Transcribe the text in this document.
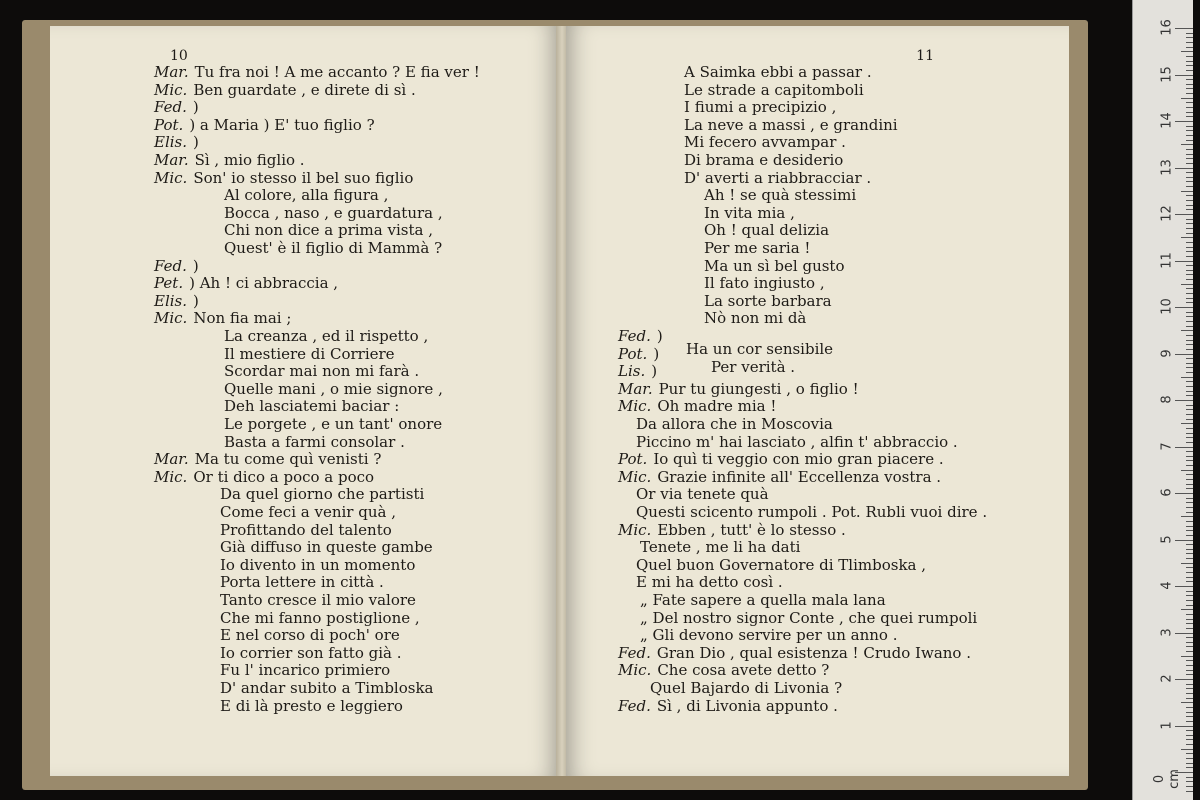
10
Mar. Tu fra noi ! A me accanto ? E fia ver !
Mic. Ben guardate , e direte di sì .
Fed. )
Pot. ) a Maria ) E' tuo figlio ?
Elis. )
Mar. Sì , mio figlio .
Mic. Son' io stesso il bel suo figlio
Al colore, alla figura ,
Bocca , naso , e guardatura ,
Chi non dice a prima vista ,
Quest' è il figlio di Mammà ?
Fed. )
Pet. ) Ah ! ci abbraccia ,
Elis. )
Mic. Non fia mai ;
La creanza , ed il rispetto ,
Il mestiere di Corriere
Scordar mai non mi farà .
Quelle mani , o mie signore ,
Deh lasciatemi baciar :
Le porgete , e un tant' onore
Basta a farmi consolar .
Mar. Ma tu come quì venisti ?
Mic. Or ti dico a poco a poco
Da quel giorno che partisti
Come feci a venir quà ,
Profittando del talento
Già diffuso in queste gambe
Io divento in un momento
Porta lettere in città .
Tanto cresce il mio valore
Che mi fanno postiglione ,
E nel corso di poch' ore
Io corrier son fatto già .
Fu l' incarico primiero
D' andar subito a Timbloska
E di là presto e leggiero
11
A Saimka ebbi a passar .
Le strade a capitomboli
I fiumi a precipizio ,
La neve a massi , e grandini
Mi fecero avvampar .
Di brama e desiderio
D' averti a riabbracciar .
Ah ! se quà stessimi
In vita mia ,
Oh ! qual delizia
Per me saria !
Ma un sì bel gusto
Il fato ingiusto ,
La sorte barbara
Nò non mi dà
Fed. )
Pot. )
Lis. )
Mar. Pur tu giungesti , o figlio !
Mic. Oh madre mia !
Da allora che in Moscovia
Piccino m' hai lasciato , alfin t' abbraccio .
Pot. Io quì ti veggio con mio gran piacere .
Mic. Grazie infinite all' Eccellenza vostra .
Or via tenete quà
Questi scicento rumpoli . Pot. Rubli vuoi dire .
Mic. Ebben , tutt' è lo stesso .
Tenete , me li ha dati
Quel buon Governatore di Tlimboska ,
E mi ha detto così .
„ Fate sapere a quella mala lana
„ Del nostro signor Conte , che quei rumpoli
„ Gli devono servire per un anno .
Fed. Gran Dio , qual esistenza ! Crudo Iwano .
Mic. Che cosa avete detto ?
Quel Bajardo di Livonia ?
Fed. Sì , di Livonia appunto .
Ha un cor sensibile
Per verità .
16
15
14
13
12
11
10
9
8
7
6
5
4
3
2
1
0 cm
